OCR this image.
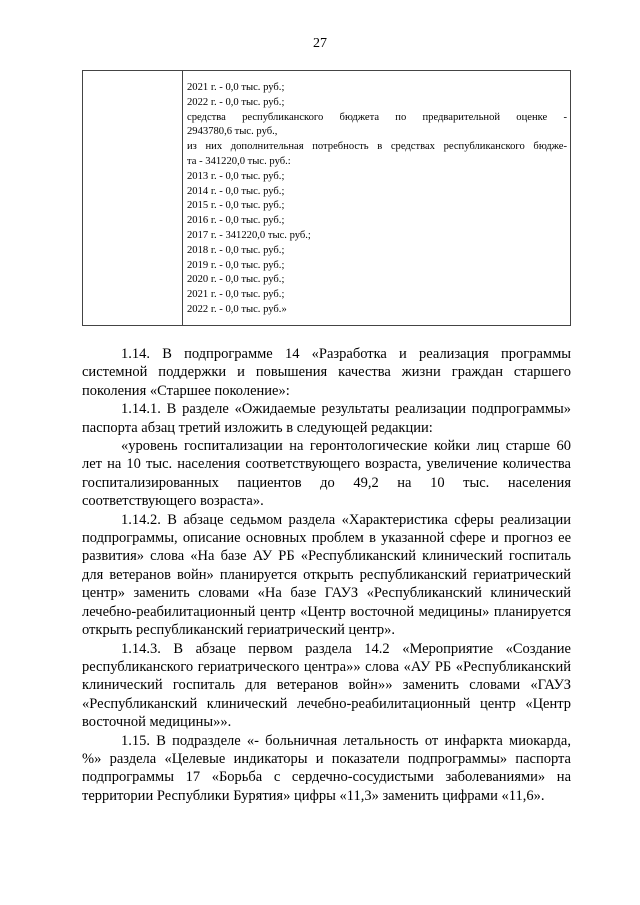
27
2021 г. - 0,0 тыс. руб.;
2022 г. - 0,0 тыс. руб.;
средства республиканского бюджета по предварительной оценке -
2943780,6 тыс. руб.,
из них дополнительная потребность в средствах республиканского бюдже-
та - 341220,0 тыс. руб.:
2013 г. - 0,0 тыс. руб.;
2014 г. - 0,0 тыс. руб.;
2015 г. - 0,0 тыс. руб.;
2016 г. - 0,0 тыс. руб.;
2017 г. - 341220,0 тыс. руб.;
2018 г. - 0,0 тыс. руб.;
2019 г. - 0,0 тыс. руб.;
2020 г. - 0,0 тыс. руб.;
2021 г. - 0,0 тыс. руб.;
2022 г. - 0,0 тыс. руб.»

1.14. В подпрограмме 14 «Разработка и реализация программы системной поддержки и повышения качества жизни граждан старшего поколения «Старшее поколение»:

1.14.1. В разделе «Ожидаемые результаты реализации подпрограммы» паспорта абзац третий изложить в следующей редакции:

«уровень госпитализации на геронтологические койки лиц старше 60 лет на 10 тыс. населения соответствующего возраста, увеличение количества госпитализированных пациентов до 49,2 на 10 тыс. населения соответствующего возраста».

1.14.2. В абзаце седьмом раздела «Характеристика сферы реализации подпрограммы, описание основных проблем в указанной сфере и прогноз ее развития» слова «На базе АУ РБ «Республиканский клинический госпиталь для ветеранов войн» планируется открыть республиканский гериатрический центр» заменить словами «На базе ГАУЗ «Республиканский клинический лечебно-реабилитационный центр «Центр восточной медицины» планируется открыть республиканский гериатрический центр».

1.14.3. В абзаце первом раздела 14.2 «Мероприятие «Создание республиканского гериатрического центра»» слова «АУ РБ «Республиканский клинический госпиталь для ветеранов войн»» заменить словами «ГАУЗ «Республиканский клинический лечебно-реабилитационный центр «Центр восточной медицины»».

1.15. В подразделе «- больничная летальность от инфаркта миокарда, %» раздела «Целевые индикаторы и показатели подпрограммы» паспорта подпрограммы 17 «Борьба с сердечно-сосудистыми заболеваниями» на территории Республики Бурятия» цифры «11,3» заменить цифрами «11,6».
